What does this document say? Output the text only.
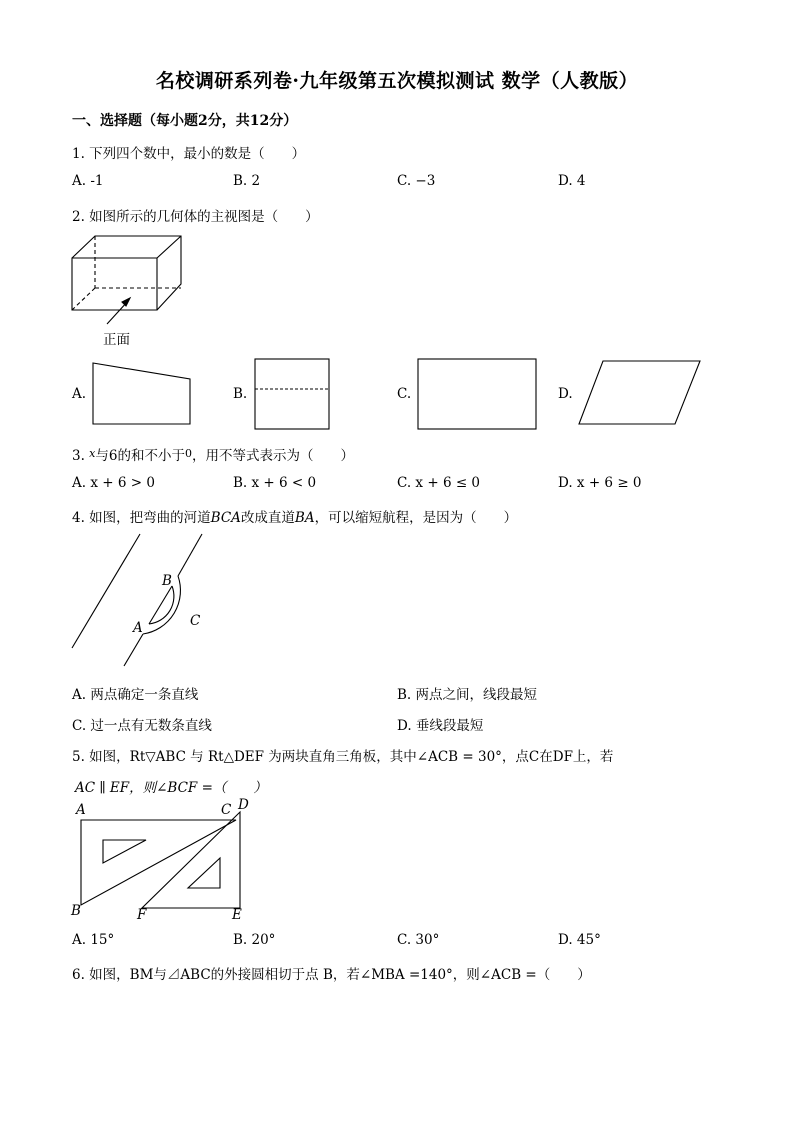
名校调研系列卷·九年级第五次模拟测试 数学（人教版）
一、选择题（每小题2分，共12分）
1. 下列四个数中，最小的数是（　　）
A. -1	B. 2	C. −3	D. 4
2. 如图所示的几何体的主视图是（　　）
正面
A.	B.	C.	D.
3. $^x$与6的和不小于$^0$，用不等式表示为（　　）
A. x + 6 > 0	B. x + 6 < 0	C. x + 6 ≤ 0	D. x + 6 ≥ 0
4. 如图，把弯曲的河道BCA改成直道BA，可以缩短航程，是因为（　　）
B
C
A
A. 两点确定一条直线	B. 两点之间，线段最短
C. 过一点有无数条直线	D. 垂线段最短
5. 如图，Rt▽ABC 与 Rt△DEF 为两块直角三角板，其中∠ACB = 30°，点C在DF上，若
AC ∥ EF，则∠BCF =（　　）
A	C D
B	F	E
A. 15°	B. 20°	C. 30°	D. 45°
6. 如图，BM与⊿ABC的外接圆相切于点 B，若∠MBA =140°，则∠ACB =（　　）
